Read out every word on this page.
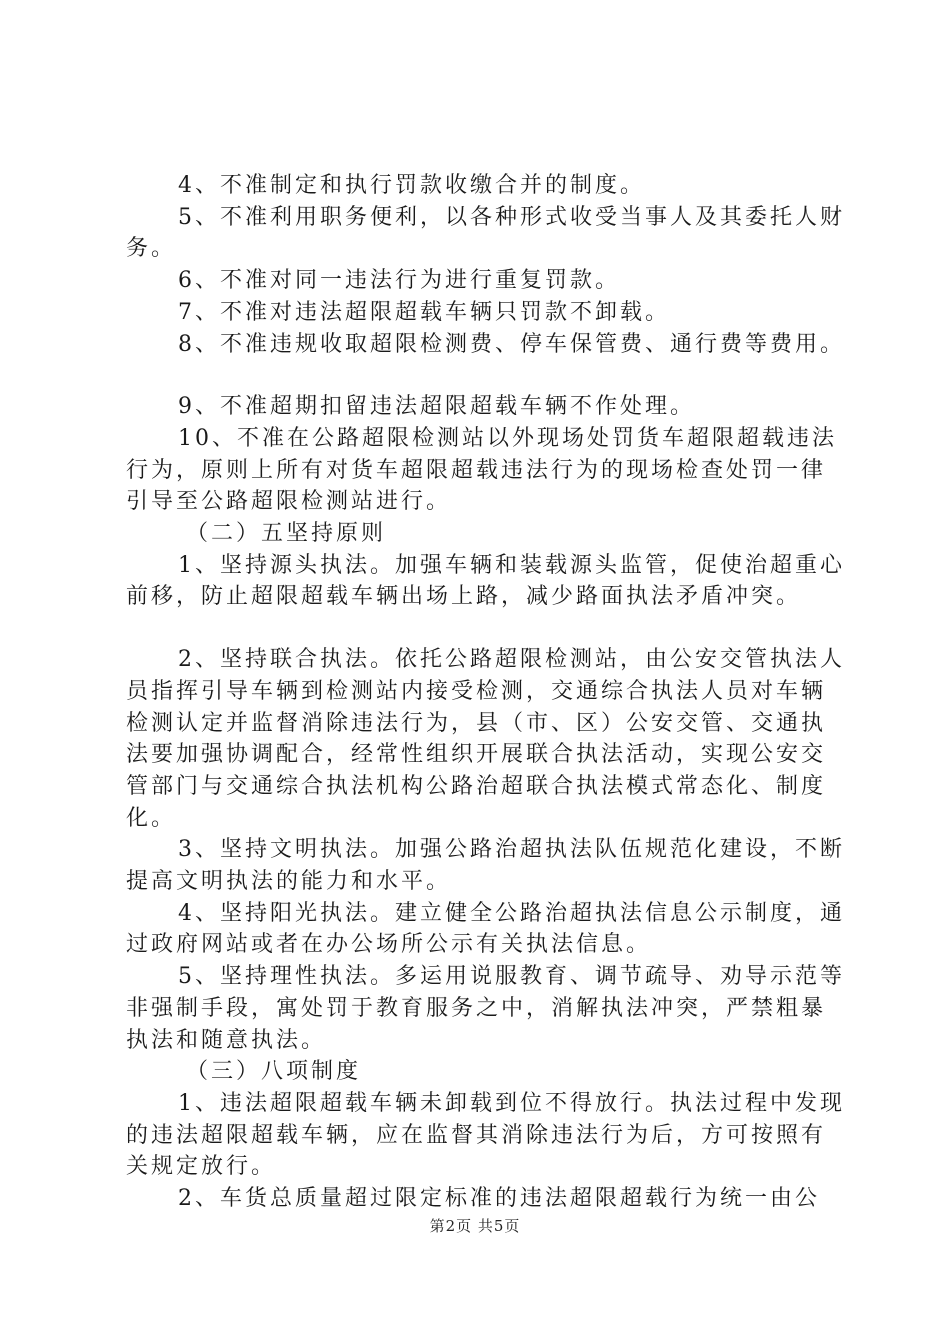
4、不准制定和执行罚款收缴合并的制度。

5、不准利用职务便利，以各种形式收受当事人及其委托人财务。

6、不准对同一违法行为进行重复罚款。

7、不准对违法超限超载车辆只罚款不卸载。

8、不准违规收取超限检测费、停车保管费、通行费等费用。

9、不准超期扣留违法超限超载车辆不作处理。

10、不准在公路超限检测站以外现场处罚货车超限超载违法行为，原则上所有对货车超限超载违法行为的现场检查处罚一律引导至公路超限检测站进行。

（二）五坚持原则

1、坚持源头执法。加强车辆和装载源头监管，促使治超重心前移，防止超限超载车辆出场上路，减少路面执法矛盾冲突。

2、坚持联合执法。依托公路超限检测站，由公安交管执法人员指挥引导车辆到检测站内接受检测，交通综合执法人员对车辆检测认定并监督消除违法行为，县（市、区）公安交管、交通执法要加强协调配合，经常性组织开展联合执法活动，实现公安交管部门与交通综合执法机构公路治超联合执法模式常态化、制度化。

3、坚持文明执法。加强公路治超执法队伍规范化建设，不断提高文明执法的能力和水平。

4、坚持阳光执法。建立健全公路治超执法信息公示制度，通过政府网站或者在办公场所公示有关执法信息。

5、坚持理性执法。多运用说服教育、调节疏导、劝导示范等非强制手段，寓处罚于教育服务之中，消解执法冲突，严禁粗暴执法和随意执法。

（三）八项制度

1、违法超限超载车辆未卸载到位不得放行。执法过程中发现的违法超限超载车辆，应在监督其消除违法行为后，方可按照有关规定放行。

2、车货总质量超过限定标准的违法超限超载行为统一由公

第2页 共5页
